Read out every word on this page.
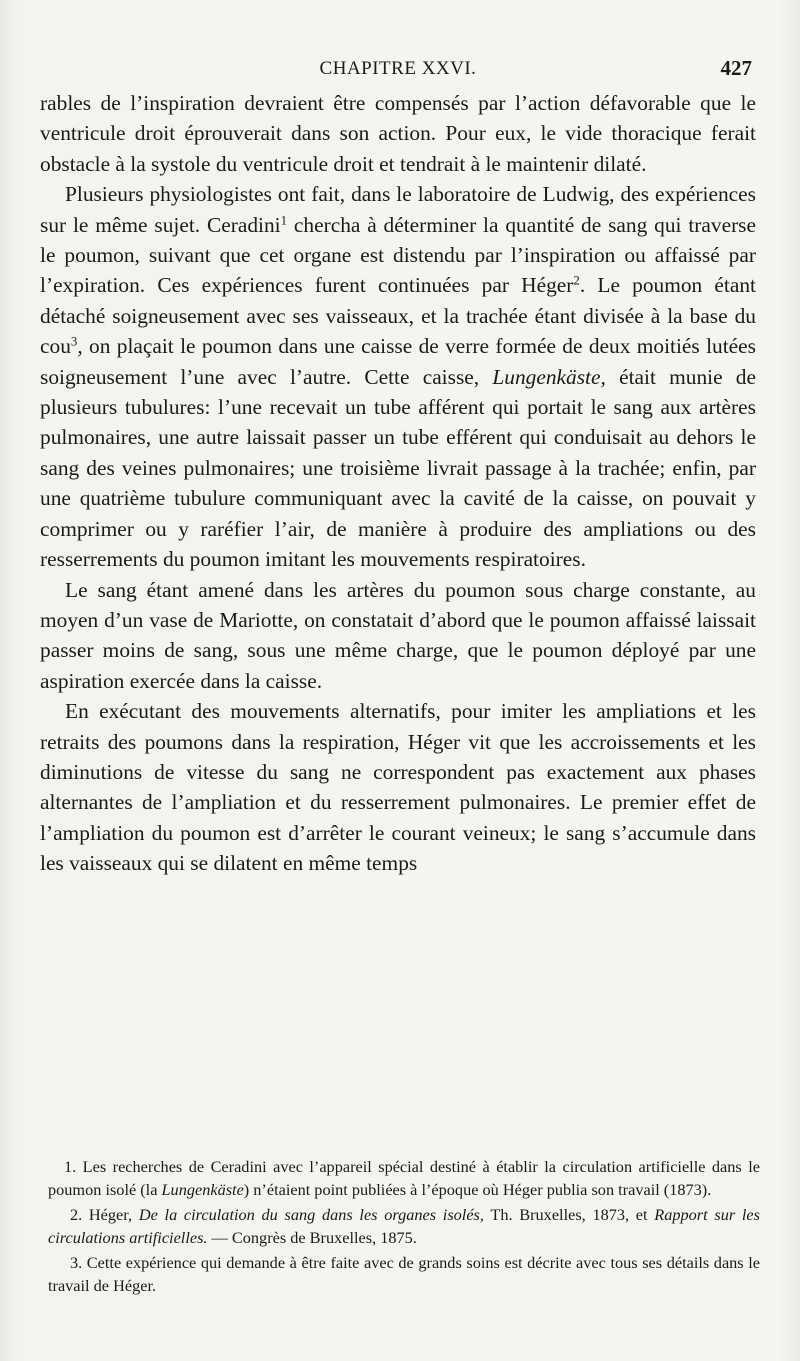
CHAPITRE XXVI.	427

rables de l’inspiration devraient être compensés par l’action défavorable que le ventricule droit éprouverait dans son action. Pour eux, le vide thoracique ferait obstacle à la systole du ventricule droit et tendrait à le maintenir dilaté.

Plusieurs physiologistes ont fait, dans le laboratoire de Ludwig, des expériences sur le même sujet. Ceradini$^1$ chercha à déterminer la quantité de sang qui traverse le poumon, suivant que cet organe est distendu par l’inspiration ou affaissé par l’expiration. Ces expériences furent continuées par Héger$^2$. Le poumon étant détaché soigneusement avec ses vaisseaux, et la trachée étant divisée à la base du cou$^3$, on plaçait le poumon dans une caisse de verre formée de deux moitiés lutées soigneusement l’une avec l’autre. Cette caisse, Lungenkäste, était munie de plusieurs tubulures: l’une recevait un tube afférent qui portait le sang aux artères pulmonaires, une autre laissait passer un tube efférent qui conduisait au dehors le sang des veines pulmonaires; une troisième livrait passage à la trachée; enfin, par une quatrième tubulure communiquant avec la cavité de la caisse, on pouvait y comprimer ou y raréfier l’air, de manière à produire des ampliations ou des resserrements du poumon imitant les mouvements respiratoires.

Le sang étant amené dans les artères du poumon sous charge constante, au moyen d’un vase de Mariotte, on constatait d’abord que le poumon affaissé laissait passer moins de sang, sous une même charge, que le poumon déployé par une aspiration exercée dans la caisse.

En exécutant des mouvements alternatifs, pour imiter les ampliations et les retraits des poumons dans la respiration, Héger vit que les accroissements et les diminutions de vitesse du sang ne correspondent pas exactement aux phases alternantes de l’ampliation et du resserrement pulmonaires. Le premier effet de l’ampliation du poumon est d’arrêter le courant veineux; le sang s’accumule dans les vaisseaux qui se dilatent en même temps

1. Les recherches de Ceradini avec l’appareil spécial destiné à établir la circulation artificielle dans le poumon isolé (la Lungenkäste) n’étaient point publiées à l’époque où Héger publia son travail (1873).

2. Héger, De la circulation du sang dans les organes isolés, Th. Bruxelles, 1873, et Rapport sur les circulations artificielles. — Congrès de Bruxelles, 1875.

3. Cette expérience qui demande à être faite avec de grands soins est décrite avec tous ses détails dans le travail de Héger.
